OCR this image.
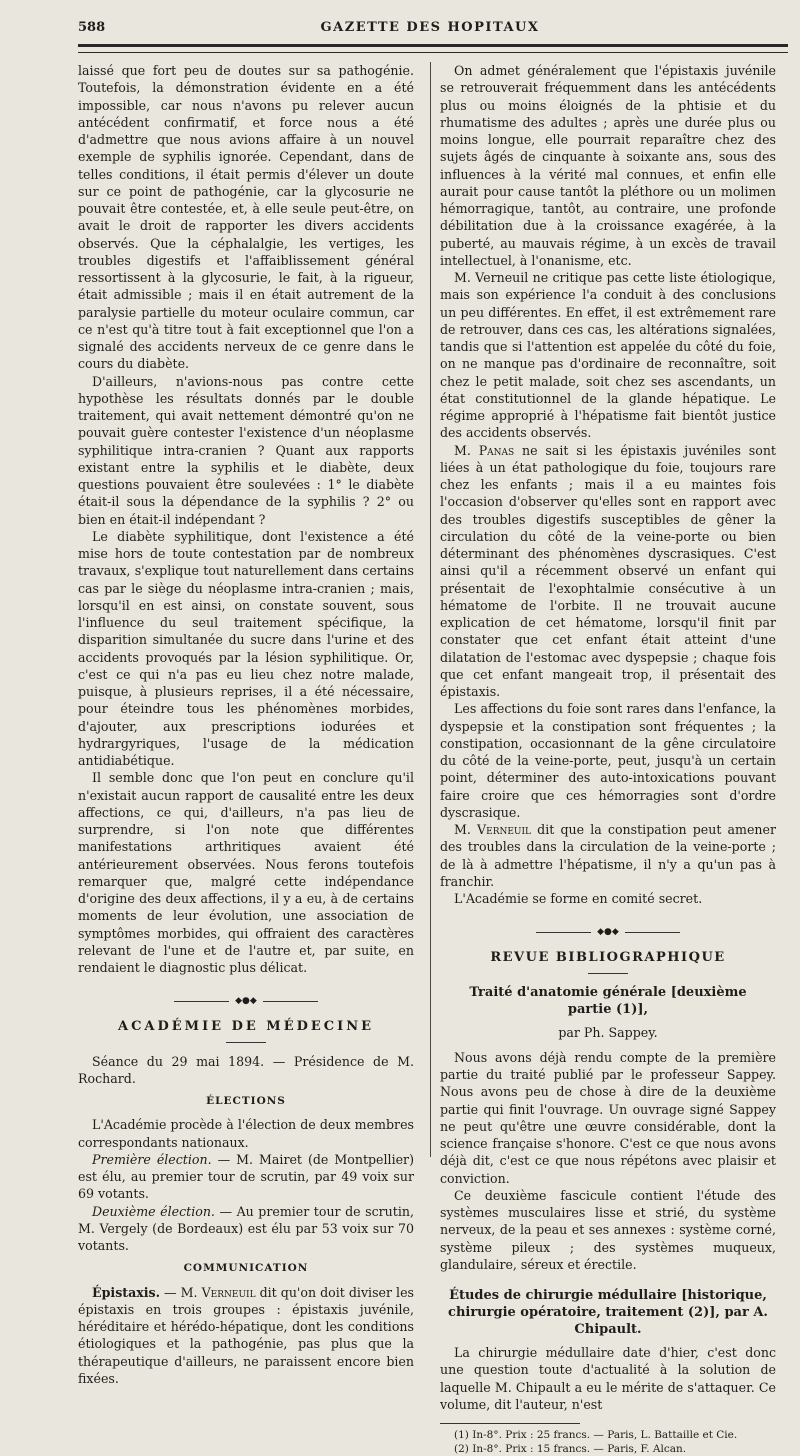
588	GAZETTE DES HOPITAUX

laissé que fort peu de doutes sur sa pathogénie. Toutefois, la démonstration évidente en a été impossible, car nous n'avons pu relever aucun antécédent confirmatif, et force nous a été d'admettre que nous avions affaire à un nouvel exemple de syphilis ignorée. Cependant, dans de telles conditions, il était permis d'élever un doute sur ce point de pathogénie, car la glycosurie ne pouvait être contestée, et, à elle seule peut-être, on avait le droit de rapporter les divers accidents observés. Que la céphalalgie, les vertiges, les troubles digestifs et l'affaiblissement général ressortissent à la glycosurie, le fait, à la rigueur, était admissible ; mais il en était autrement de la paralysie partielle du moteur oculaire commun, car ce n'est qu'à titre tout à fait exceptionnel que l'on a signalé des accidents nerveux de ce genre dans le cours du diabète.

D'ailleurs, n'avions-nous pas contre cette hypothèse les résultats donnés par le double traitement, qui avait nettement démontré qu'on ne pouvait guère contester l'existence d'un néoplasme syphilitique intra-cranien ? Quant aux rapports existant entre la syphilis et le diabète, deux questions pouvaient être soulevées : 1° le diabète était-il sous la dépendance de la syphilis ? 2° ou bien en était-il indépendant ?

Le diabète syphilitique, dont l'existence a été mise hors de toute contestation par de nombreux travaux, s'explique tout naturellement dans certains cas par le siège du néoplasme intra-cranien ; mais, lorsqu'il en est ainsi, on constate souvent, sous l'influence du seul traitement spécifique, la disparition simultanée du sucre dans l'urine et des accidents provoqués par la lésion syphilitique. Or, c'est ce qui n'a pas eu lieu chez notre malade, puisque, à plusieurs reprises, il a été nécessaire, pour éteindre tous les phénomènes morbides, d'ajouter, aux prescriptions iodurées et hydrargyriques, l'usage de la médication antidiabétique.

Il semble donc que l'on peut en conclure qu'il n'existait aucun rapport de causalité entre les deux affections, ce qui, d'ailleurs, n'a pas lieu de surprendre, si l'on note que différentes manifestations arthritiques avaient été antérieurement observées. Nous ferons toutefois remarquer que, malgré cette indépendance d'origine des deux affections, il y a eu, à de certains moments de leur évolution, une association de symptômes morbides, qui offraient des caractères relevant de l'une et de l'autre et, par suite, en rendaient le diagnostic plus délicat.

◆●◆
ACADÉMIE DE MÉDECINE

Séance du 29 mai 1894. — Présidence de M. Rochard.

ÉLECTIONS

L'Académie procède à l'élection de deux membres correspondants nationaux.

Première élection. — M. Mairet (de Montpellier) est élu, au premier tour de scrutin, par 49 voix sur 69 votants.

Deuxième élection. — Au premier tour de scrutin, M. Vergely (de Bordeaux) est élu par 53 voix sur 70 votants.

COMMUNICATION

Épistaxis. — M. Verneuil dit qu'on doit diviser les épistaxis en trois groupes : épistaxis juvénile, héréditaire et hérédo-hépatique, dont les conditions étiologiques et la pathogénie, pas plus que la thérapeutique d'ailleurs, ne paraissent encore bien fixées.

On admet généralement que l'épistaxis juvénile se retrouverait fréquemment dans les antécédents plus ou moins éloignés de la phtisie et du rhumatisme des adultes ; après une durée plus ou moins longue, elle pourrait reparaître chez des sujets âgés de cinquante à soixante ans, sous des influences à la vérité mal connues, et enfin elle aurait pour cause tantôt la pléthore ou un molimen hémorragique, tantôt, au contraire, une profonde débilitation due à la croissance exagérée, à la puberté, au mauvais régime, à un excès de travail intellectuel, à l'onanisme, etc.

M. Verneuil ne critique pas cette liste étiologique, mais son expérience l'a conduit à des conclusions un peu différentes. En effet, il est extrêmement rare de retrouver, dans ces cas, les altérations signalées, tandis que si l'attention est appelée du côté du foie, on ne manque pas d'ordinaire de reconnaître, soit chez le petit malade, soit chez ses ascendants, un état constitutionnel de la glande hépatique. Le régime approprié à l'hépatisme fait bientôt justice des accidents observés.

M. Panas ne sait si les épistaxis juvéniles sont liées à un état pathologique du foie, toujours rare chez les enfants ; mais il a eu maintes fois l'occasion d'observer qu'elles sont en rapport avec des troubles digestifs susceptibles de gêner la circulation du côté de la veine-porte ou bien déterminant des phénomènes dyscrasiques. C'est ainsi qu'il a récemment observé un enfant qui présentait de l'exophtalmie consécutive à un hématome de l'orbite. Il ne trouvait aucune explication de cet hématome, lorsqu'il finit par constater que cet enfant était atteint d'une dilatation de l'estomac avec dyspepsie ; chaque fois que cet enfant mangeait trop, il présentait des épistaxis.

Les affections du foie sont rares dans l'enfance, la dyspepsie et la constipation sont fréquentes ; la constipation, occasionnant de la gêne circulatoire du côté de la veine-porte, peut, jusqu'à un certain point, déterminer des auto-intoxications pouvant faire croire que ces hémorragies sont d'ordre dyscrasique.

M. Verneuil dit que la constipation peut amener des troubles dans la circulation de la veine-porte ; de là à admettre l'hépatisme, il n'y a qu'un pas à franchir.

L'Académie se forme en comité secret.

◆●◆
REVUE BIBLIOGRAPHIQUE
Traité d'anatomie générale [deuxième partie (1)],
par Ph. Sappey.

Nous avons déjà rendu compte de la première partie du traité publié par le professeur Sappey. Nous avons peu de chose à dire de la deuxième partie qui finit l'ouvrage. Un ouvrage signé Sappey ne peut qu'être une œuvre considérable, dont la science française s'honore. C'est ce que nous avons déjà dit, c'est ce que nous répétons avec plaisir et conviction.

Ce deuxième fascicule contient l'étude des systèmes musculaires lisse et strié, du système nerveux, de la peau et ses annexes : système corné, système pileux ; des systèmes muqueux, glandulaire, séreux et érectile.

Études de chirurgie médullaire [historique, chirurgie opératoire, traitement (2)], par A. Chipault.

La chirurgie médullaire date d'hier, c'est donc une question toute d'actualité à la solution de laquelle M. Chipault a eu le mérite de s'attaquer. Ce volume, dit l'auteur, n'est

(1) In-8°. Prix : 25 francs. — Paris, L. Battaille et Cie.
(2) In-8°. Prix : 15 francs. — Paris, F. Alcan.
